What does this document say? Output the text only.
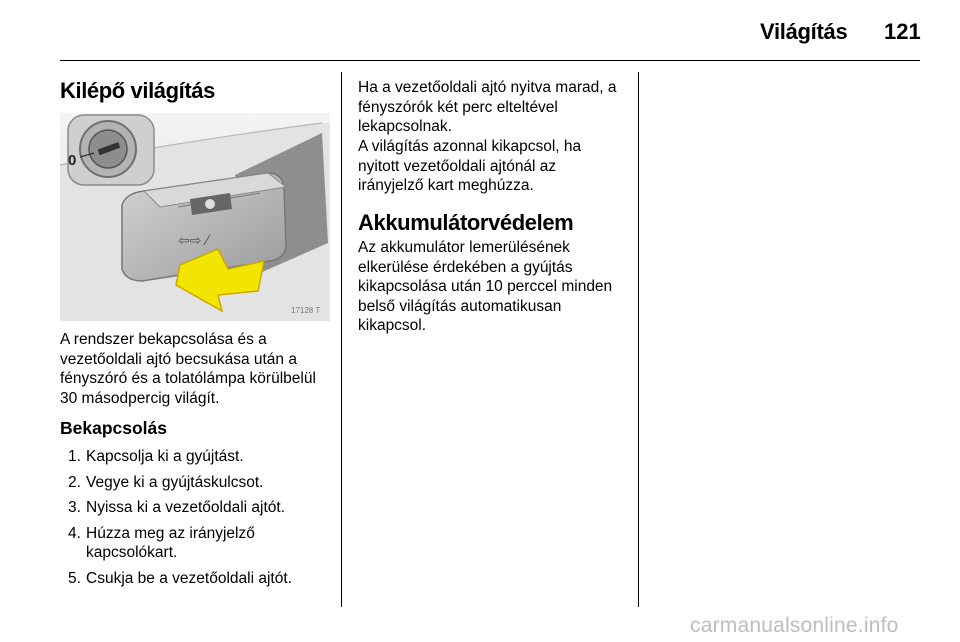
Világítás 121
Kilépő világítás
0
⇦⇨ ⁄
17128 T
A rendszer bekapcsolása és a
vezetőoldali ajtó becsukása után a
fényszóró és a tolatólámpa körülbelül
30 másodpercig világít.
Bekapcsolás
1. Kapcsolja ki a gyújtást.
2. Vegye ki a gyújtáskulcsot.
3. Nyissa ki a vezetőoldali ajtót.
4. Húzza meg az irányjelző
kapcsolókart.
5. Csukja be a vezetőoldali ajtót.
Ha a vezetőoldali ajtó nyitva marad, a
fényszórók két perc elteltével
lekapcsolnak.
A világítás azonnal kikapcsol, ha
nyitott vezetőoldali ajtónál az
irányjelző kart meghúzza.
Akkumulátorvédelem
Az akkumulátor lemerülésének
elkerülése érdekében a gyújtás
kikapcsolása után 10 perccel minden
belső világítás automatikusan
kikapcsol.
carmanualsonline.info
